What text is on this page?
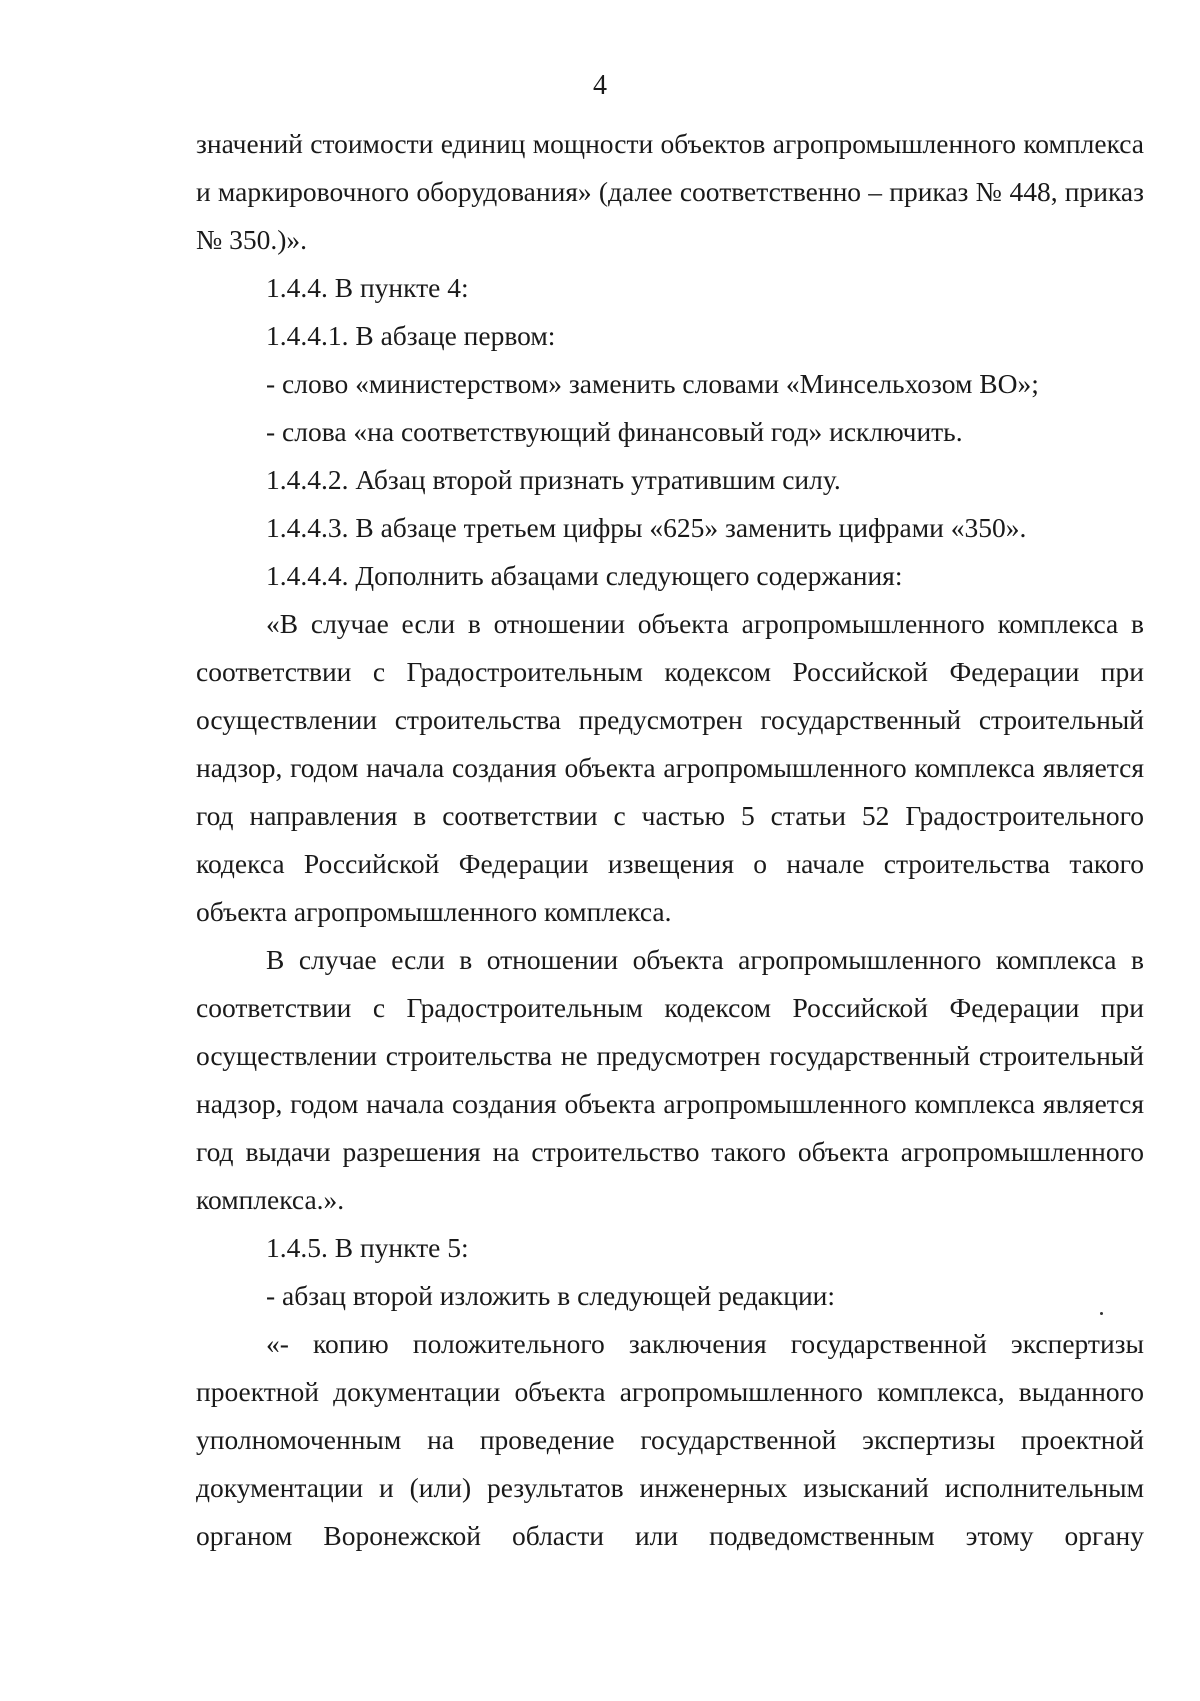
4

значений стоимости единиц мощности объектов агропромышленного комплекса и маркировочного оборудования» (далее соответственно – приказ № 448, приказ № 350.)».

1.4.4. В пункте 4:

1.4.4.1. В абзаце первом:

- слово «министерством» заменить словами «Минсельхозом ВО»;

- слова «на соответствующий финансовый год» исключить.

1.4.4.2. Абзац второй признать утратившим силу.

1.4.4.3. В абзаце третьем цифры «625» заменить цифрами «350».

1.4.4.4. Дополнить абзацами следующего содержания:

«В случае если в отношении объекта агропромышленного комплекса в соответствии с Градостроительным кодексом Российской Федерации при осуществлении строительства предусмотрен государственный строительный надзор, годом начала создания объекта агропромышленного комплекса является год направления в соответствии с частью 5 статьи 52 Градостроительного кодекса Российской Федерации извещения о начале строительства такого объекта агропромышленного комплекса.

В случае если в отношении объекта агропромышленного комплекса в соответствии с Градостроительным кодексом Российской Федерации при осуществлении строительства не предусмотрен государственный строительный надзор, годом начала создания объекта агропромышленного комплекса является год выдачи разрешения на строительство такого объекта агропромышленного комплекса.».

1.4.5. В пункте 5:

- абзац второй изложить в следующей редакции:

«- копию положительного заключения государственной экспертизы проектной документации объекта агропромышленного комплекса, выданного уполномоченным на проведение государственной экспертизы проектной документации и (или) результатов инженерных изысканий исполнительным органом Воронежской области или подведомственным этому органу
